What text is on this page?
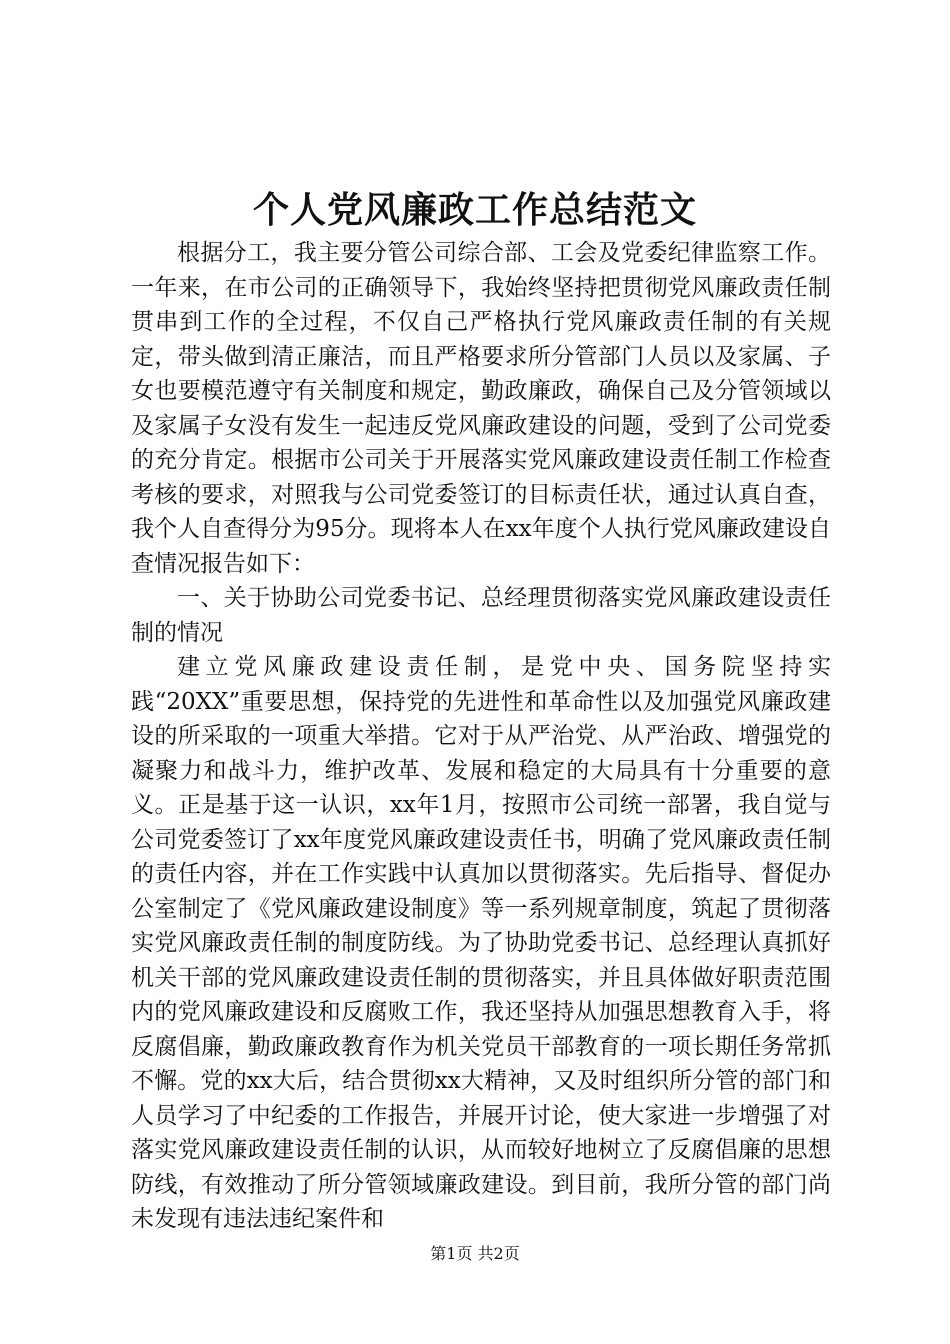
个人党风廉政工作总结范文

根据分工，我主要分管公司综合部、工会及党委纪律监察工作。一年来，在市公司的正确领导下，我始终坚持把贯彻党风廉政责任制贯串到工作的全过程，不仅自己严格执行党风廉政责任制的有关规定，带头做到清正廉洁，而且严格要求所分管部门人员以及家属、子女也要模范遵守有关制度和规定，勤政廉政，确保自己及分管领域以及家属子女没有发生一起违反党风廉政建设的问题，受到了公司党委的充分肯定。根据市公司关于开展落实党风廉政建设责任制工作检查考核的要求，对照我与公司党委签订的目标责任状，通过认真自查，我个人自查得分为95分。现将本人在xx年度个人执行党风廉政建设自查情况报告如下：

一、关于协助公司党委书记、总经理贯彻落实党风廉政建设责任制的情况

建立党风廉政建设责任制，是党中央、国务院坚持实践“20XX”重要思想，保持党的先进性和革命性以及加强党风廉政建设的所采取的一项重大举措。它对于从严治党、从严治政、增强党的凝聚力和战斗力，维护改革、发展和稳定的大局具有十分重要的意义。正是基于这一认识，xx年1月，按照市公司统一部署，我自觉与公司党委签订了xx年度党风廉政建设责任书，明确了党风廉政责任制的责任内容，并在工作实践中认真加以贯彻落实。先后指导、督促办公室制定了《党风廉政建设制度》等一系列规章制度，筑起了贯彻落实党风廉政责任制的制度防线。为了协助党委书记、总经理认真抓好机关干部的党风廉政建设责任制的贯彻落实，并且具体做好职责范围内的党风廉政建设和反腐败工作，我还坚持从加强思想教育入手，将反腐倡廉，勤政廉政教育作为机关党员干部教育的一项长期任务常抓不懈。党的xx大后，结合贯彻xx大精神，又及时组织所分管的部门和人员学习了中纪委的工作报告，并展开讨论，使大家进一步增强了对落实党风廉政建设责任制的认识，从而较好地树立了反腐倡廉的思想防线，有效推动了所分管领域廉政建设。到目前，我所分管的部门尚未发现有违法违纪案件和

第1页 共2页
